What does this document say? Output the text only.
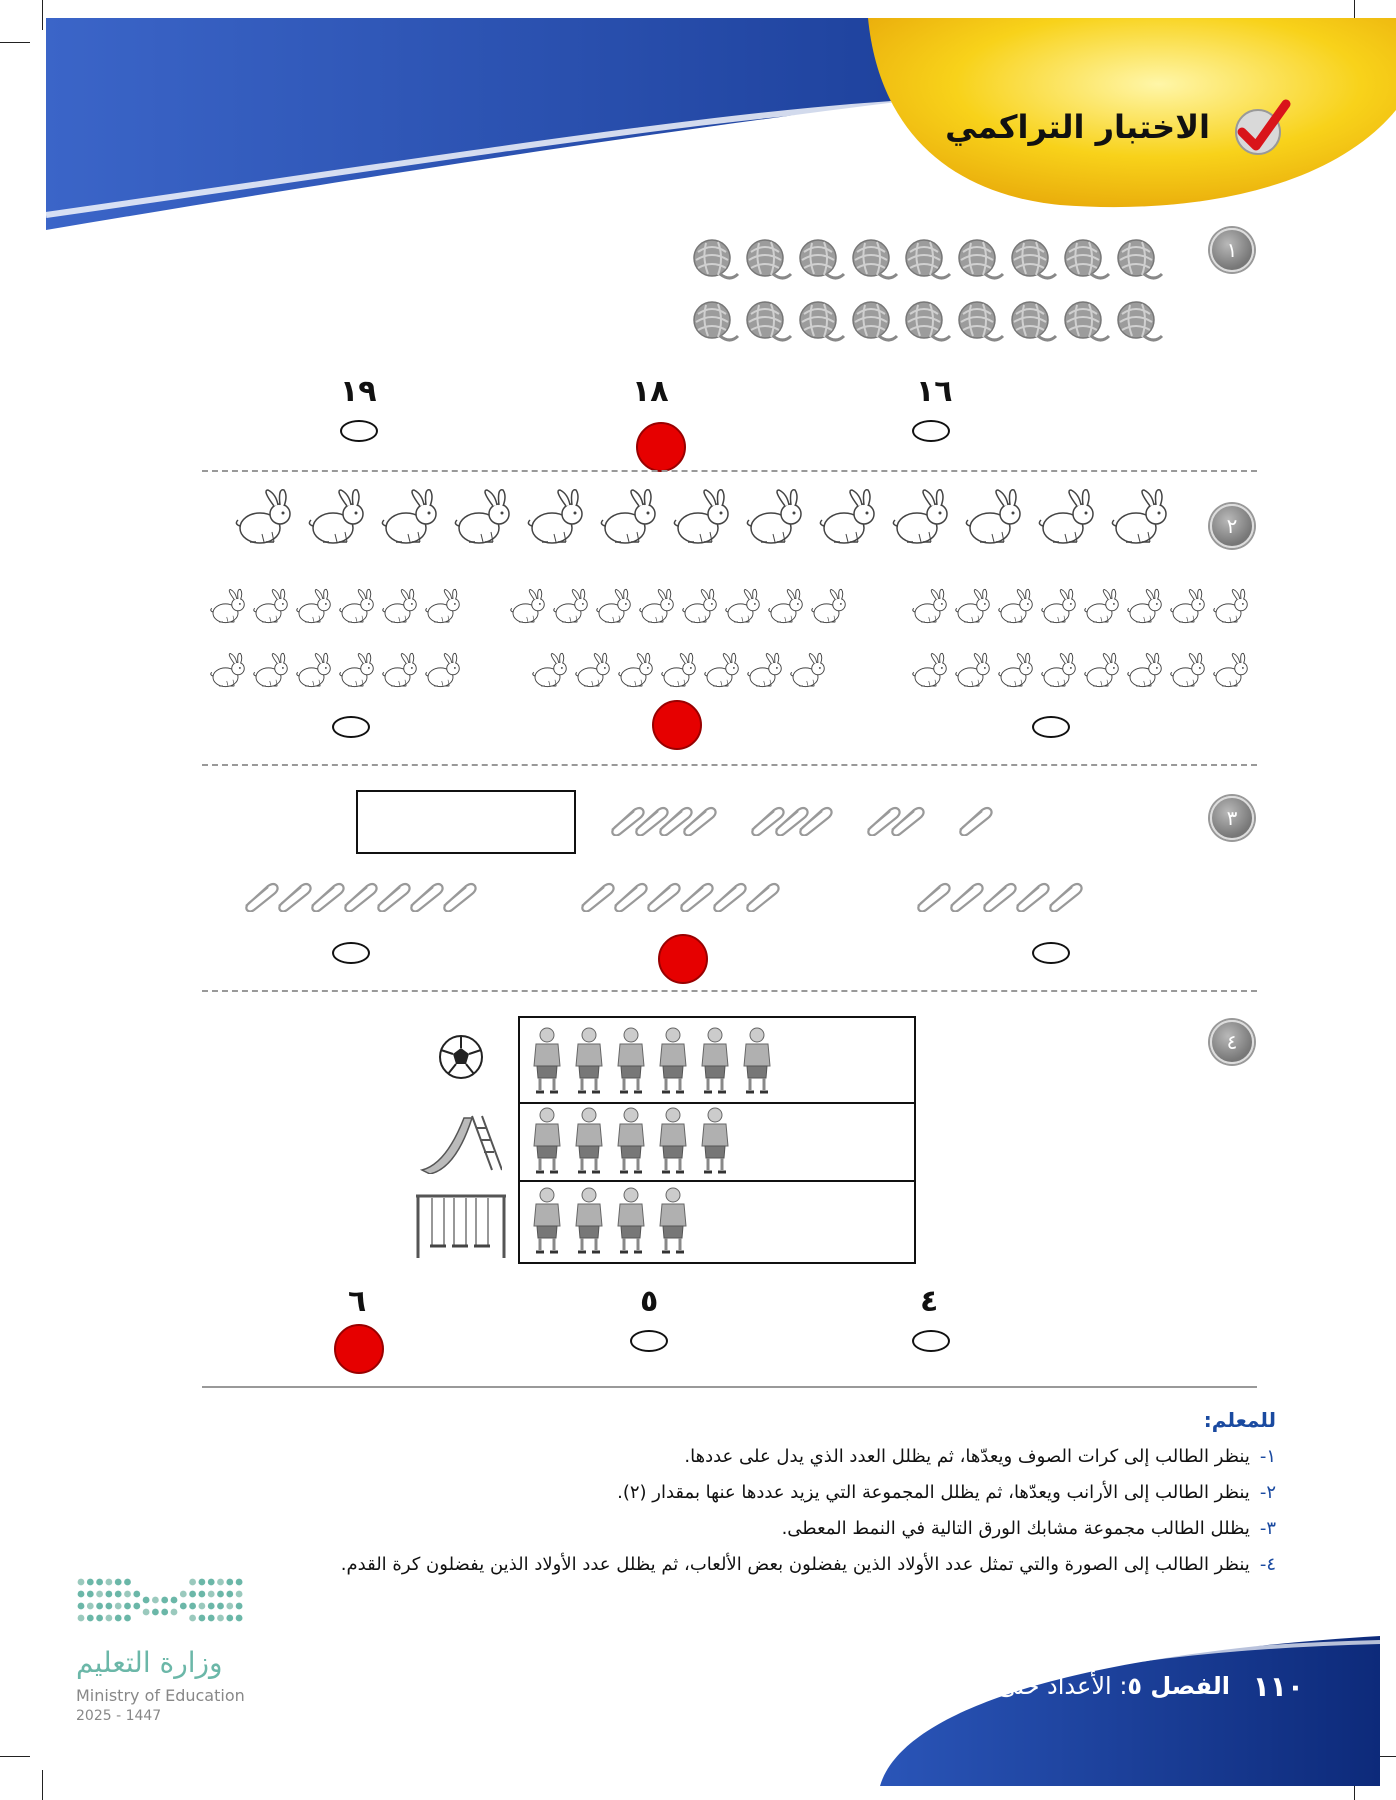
الاختبار التراكمي
١
١٩	١٨	١٦
٢
٣
٤
٦	٥	٤
للمعلم:
١-ينظر الطالب إلى كرات الصوف ويعدّها، ثم يظلل العدد الذي يدل على عددها.
٢-ينظر الطالب إلى الأرانب ويعدّها، ثم يظلل المجموعة التي يزيد عددها عنها بمقدار (٢).
٣-يظلل الطالب مجموعة مشابك الورق التالية في النمط المعطى.
٤-ينظر الطالب إلى الصورة والتي تمثل عدد الأولاد الذين يفضلون بعض الألعاب، ثم يظلل عدد الأولاد الذين يفضلون كرة القدم.
١١٠
الفصل ٥: الأعداد حتى ٢٠
وزارة التعليم
Ministry of Education
2025 - 1447
